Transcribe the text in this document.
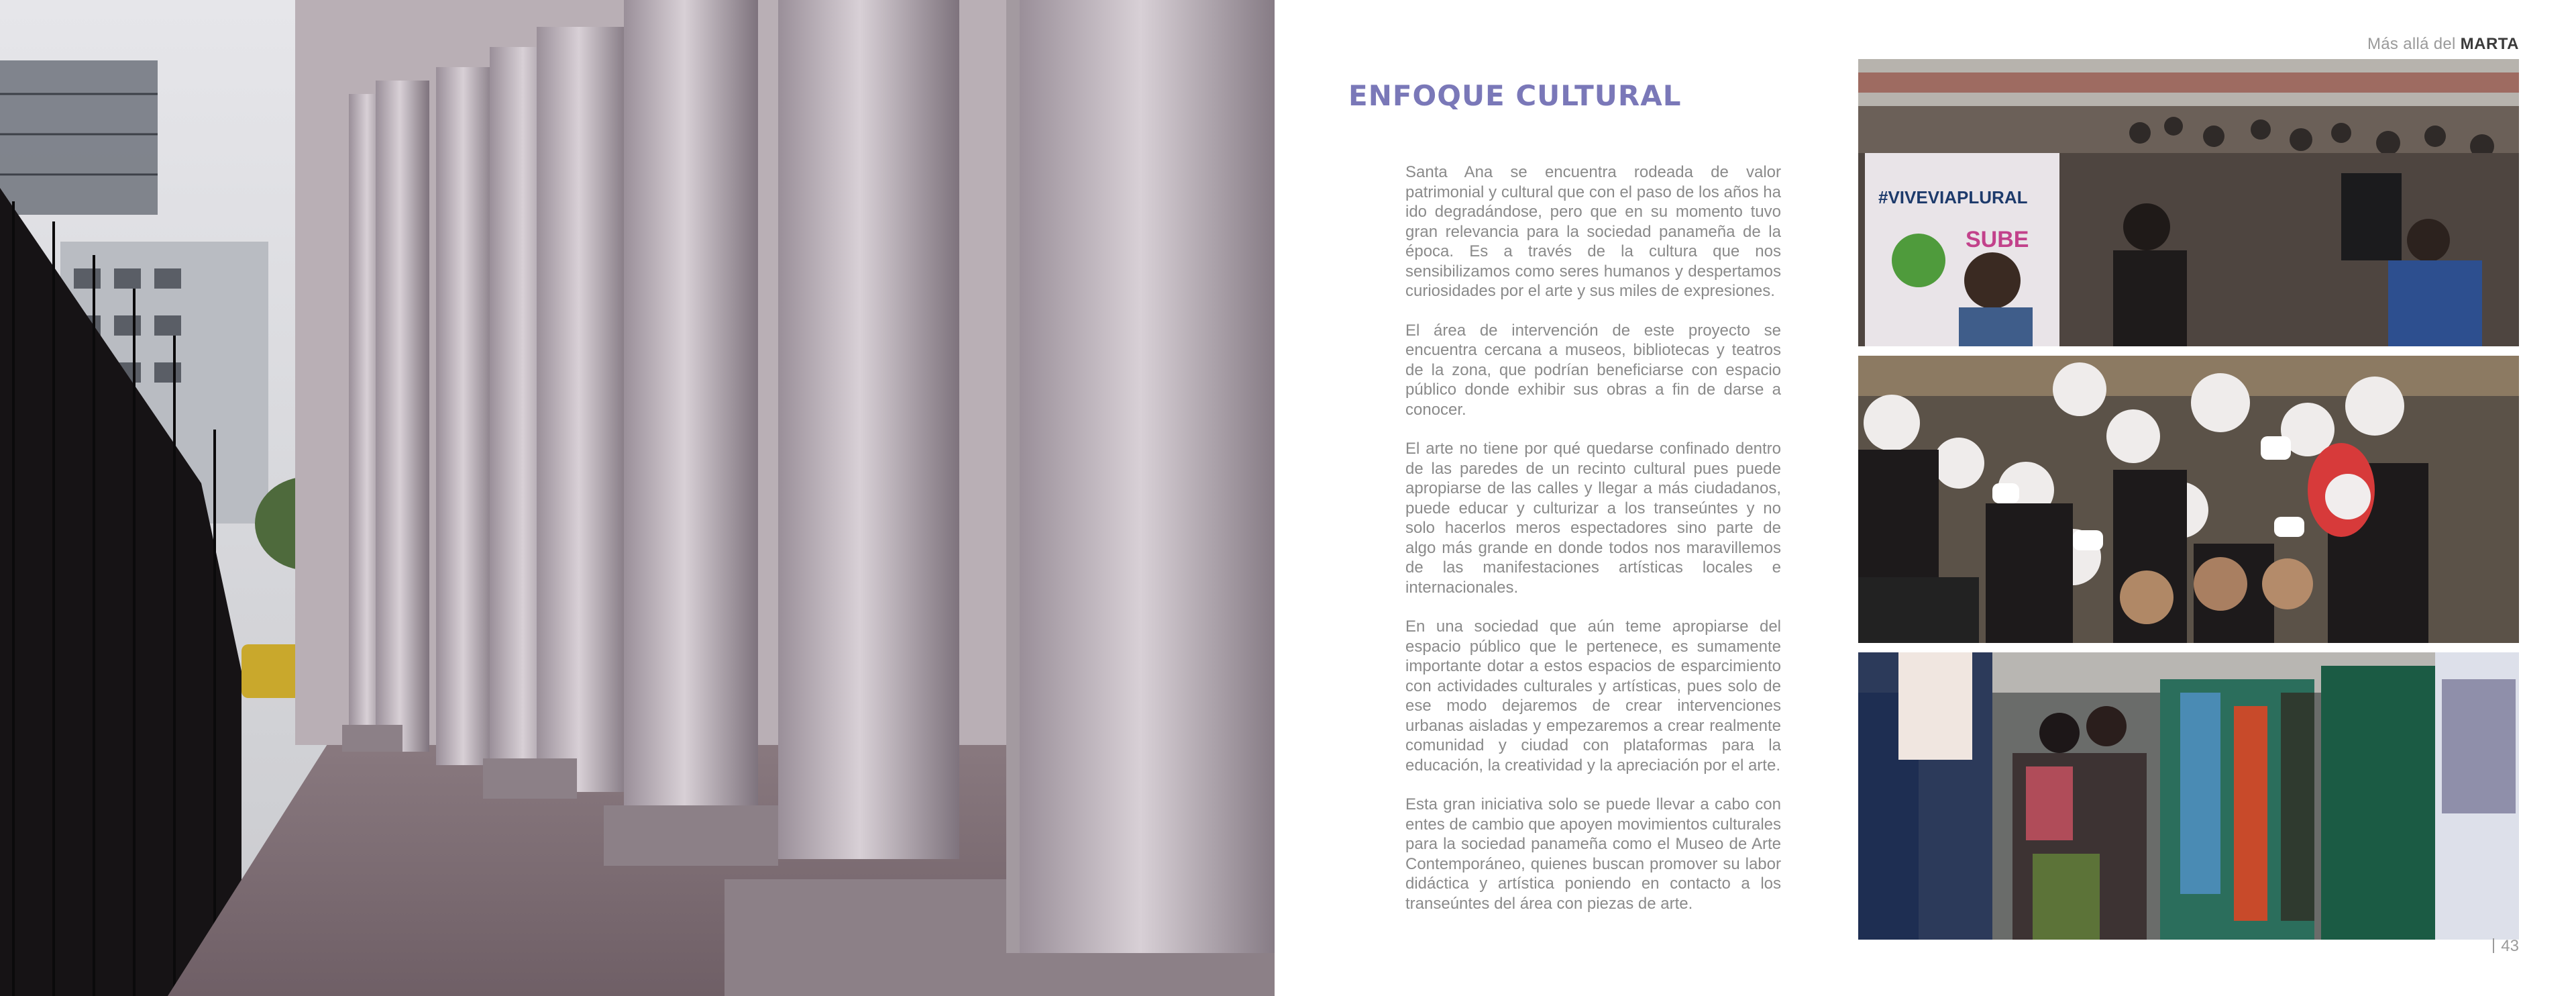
Más allá del MARTA
ENFOQUE CULTURAL

Santa Ana se encuentra rodeada de valor patrimonial y cultural que con el paso de los años ha ido degradándose, pero que en su momento tuvo gran relevancia para la sociedad panameña de la época. Es a través de la cultura que nos sensibilizamos como seres humanos y despertamos curiosidades por el arte y sus miles de expresiones.

El área de intervención de este proyecto se encuentra cercana a museos, bibliotecas y teatros de la zona, que podrían beneficiarse con espacio público donde exhibir sus obras a fin de darse a conocer.

El arte no tiene por qué quedarse confinado dentro de las paredes de un recinto cultural pues puede apropiarse de las calles y llegar a más ciudadanos, puede educar y culturizar a los transeúntes y no solo hacerlos meros espectadores sino parte de algo más grande en donde todos nos maravillemos de las manifestaciones artísticas locales e internacionales.

En una sociedad que aún teme apropiarse del espacio público que le pertenece, es sumamente importante dotar a estos espacios de esparcimiento con actividades culturales y artísticas, pues solo de ese modo dejaremos de crear intervenciones urbanas aisladas y empezaremos a crear realmente comunidad y ciudad con plataformas para la educación, la creatividad y la apreciación por el arte.

Esta gran iniciativa solo se puede llevar a cabo con entes de cambio que apoyen movimientos culturales para la sociedad panameña como el Museo de Arte Contemporáneo, quienes buscan promover su labor didáctica y artística poniendo en contacto a los transeúntes del área con piezas de arte.

#VIVEVIAPLURAL
SUBE
43
